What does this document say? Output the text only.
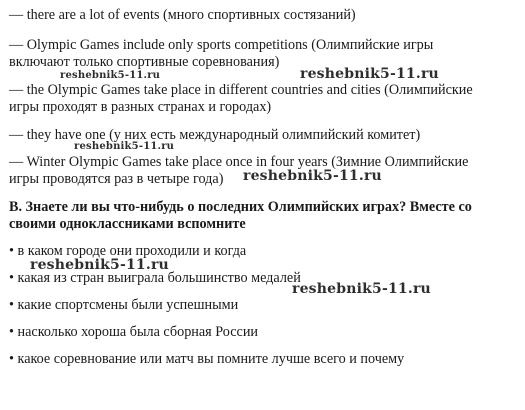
— there are a lot of events (много спортивных состязаний)
— Olympic Games include only sports competitions (Олимпийские игры
включают только спортивные соревнования)
— the Olympic Games take place in different countries and cities (Олимпийские
игры проходят в разных странах и городах)
— they have one (у них есть международный олимпийский комитет)
— Winter Olympic Games take place once in four years (Зимние Олимпийские
игры проводятся раз в четыре года)
B. Знаете ли вы что-нибудь о последних Олимпийских играх? Вместе со
своими одноклассниками вспомните
• в каком городе они проходили и когда
• какая из стран выиграла большинство медалей
• какие спортсмены были успешными
• насколько хороша была сборная России
• какое соревнование или матч вы помните лучше всего и почему
reshebnik5-11.ru	reshebnik5-11.ru
reshebnik5-11.ru
reshebnik5-11.ru
reshebnik5-11.ru
reshebnik5-11.ru
